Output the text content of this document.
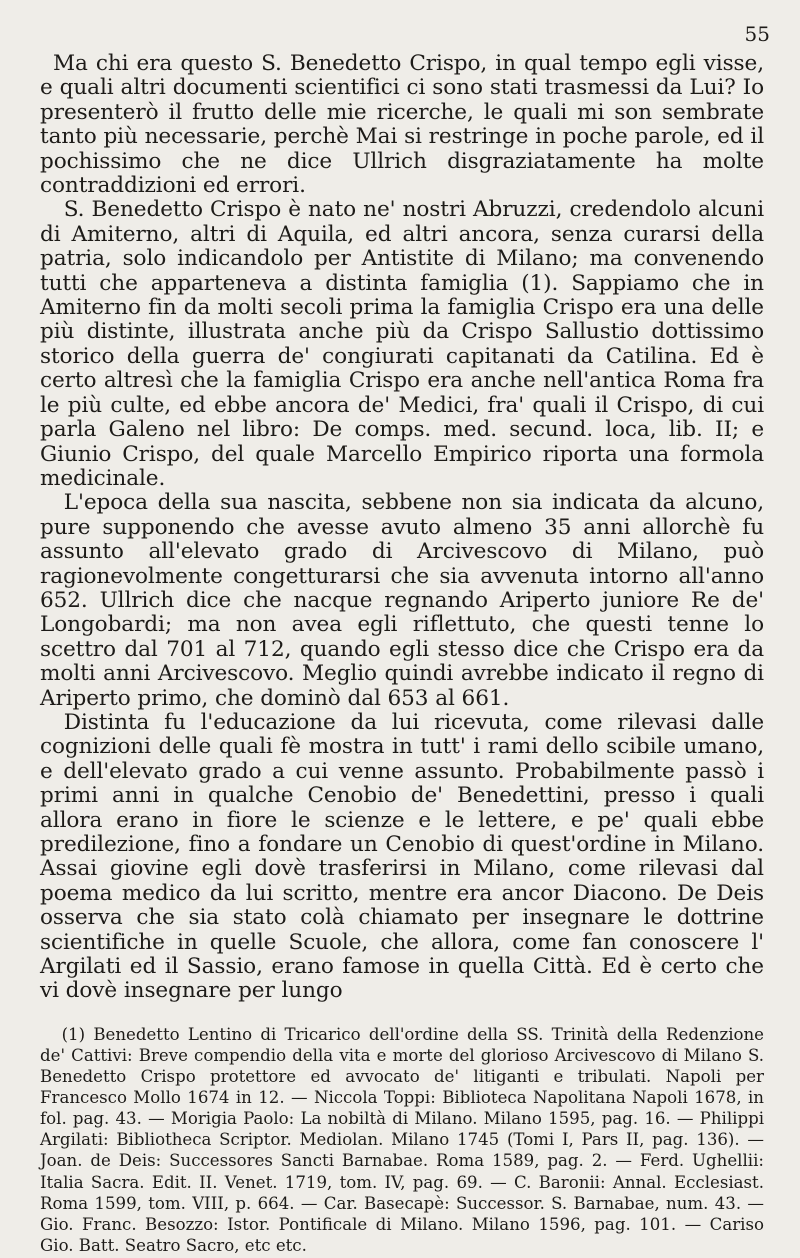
55

Ma chi era questo S. Benedetto Crispo, in qual tempo egli visse, e quali altri documenti scientifici ci sono stati trasmessi da Lui? Io presenterò il frutto delle mie ricerche, le quali mi son sembrate tanto più necessarie, perchè Mai si restringe in poche parole, ed il pochissimo che ne dice Ullrich disgraziatamente ha molte contraddizioni ed errori.

S. Benedetto Crispo è nato ne' nostri Abruzzi, credendolo alcuni di Amiterno, altri di Aquila, ed altri ancora, senza curarsi della patria, solo indicandolo per Antistite di Milano; ma convenendo tutti che apparteneva a distinta famiglia (1). Sappiamo che in Amiterno fin da molti secoli prima la famiglia Crispo era una delle più distinte, illustrata anche più da Crispo Sallustio dottissimo storico della guerra de' congiurati capitanati da Catilina. Ed è certo altresì che la famiglia Crispo era anche nell'antica Roma fra le più culte, ed ebbe ancora de' Medici, fra' quali il Crispo, di cui parla Galeno nel libro: De comps. med. secund. loca, lib. II; e Giunio Crispo, del quale Marcello Empirico riporta una formola medicinale.

L'epoca della sua nascita, sebbene non sia indicata da alcuno, pure supponendo che avesse avuto almeno 35 anni allorchè fu assunto all'elevato grado di Arcivescovo di Milano, può ragionevolmente congetturarsi che sia avvenuta intorno all'anno 652. Ullrich dice che nacque regnando Ariperto juniore Re de' Longobardi; ma non avea egli riflettuto, che questi tenne lo scettro dal 701 al 712, quando egli stesso dice che Crispo era da molti anni Arcivescovo. Meglio quindi avrebbe indicato il regno di Ariperto primo, che dominò dal 653 al 661.

Distinta fu l'educazione da lui ricevuta, come rilevasi dalle cognizioni delle quali fè mostra in tutt' i rami dello scibile umano, e dell'elevato grado a cui venne assunto. Probabilmente passò i primi anni in qualche Cenobio de' Benedettini, presso i quali allora erano in fiore le scienze e le lettere, e pe' quali ebbe predilezione, fino a fondare un Cenobio di quest'ordine in Milano. Assai giovine egli dovè trasferirsi in Milano, come rilevasi dal poema medico da lui scritto, mentre era ancor Diacono. De Deis osserva che sia stato colà chiamato per insegnare le dottrine scientifiche in quelle Scuole, che allora, come fan conoscere l' Argilati ed il Sassio, erano famose in quella Città. Ed è certo che vi dovè insegnare per lungo

(1) Benedetto Lentino di Tricarico dell'ordine della SS. Trinità della Redenzione de' Cattivi: Breve compendio della vita e morte del glorioso Arcivescovo di Milano S. Benedetto Crispo protettore ed avvocato de' litiganti e tribulati. Napoli per Francesco Mollo 1674 in 12. — Niccola Toppi: Biblioteca Napolitana Napoli 1678, in fol. pag. 43. — Morigia Paolo: La nobiltà di Milano. Milano 1595, pag. 16. — Philippi Argilati: Bibliotheca Scriptor. Mediolan. Milano 1745 (Tomi I, Pars II, pag. 136). — Joan. de Deis: Successores Sancti Barnabae. Roma 1589, pag. 2. — Ferd. Ughellii: Italia Sacra. Edit. II. Venet. 1719, tom. IV, pag. 69. — C. Baronii: Annal. Ecclesiast. Roma 1599, tom. VIII, p. 664. — Car. Basecapè: Successor. S. Barnabae, num. 43. — Gio. Franc. Besozzo: Istor. Pontificale di Milano. Milano 1596, pag. 101. — Cariso Gio. Batt. Seatro Sacro, etc etc.
